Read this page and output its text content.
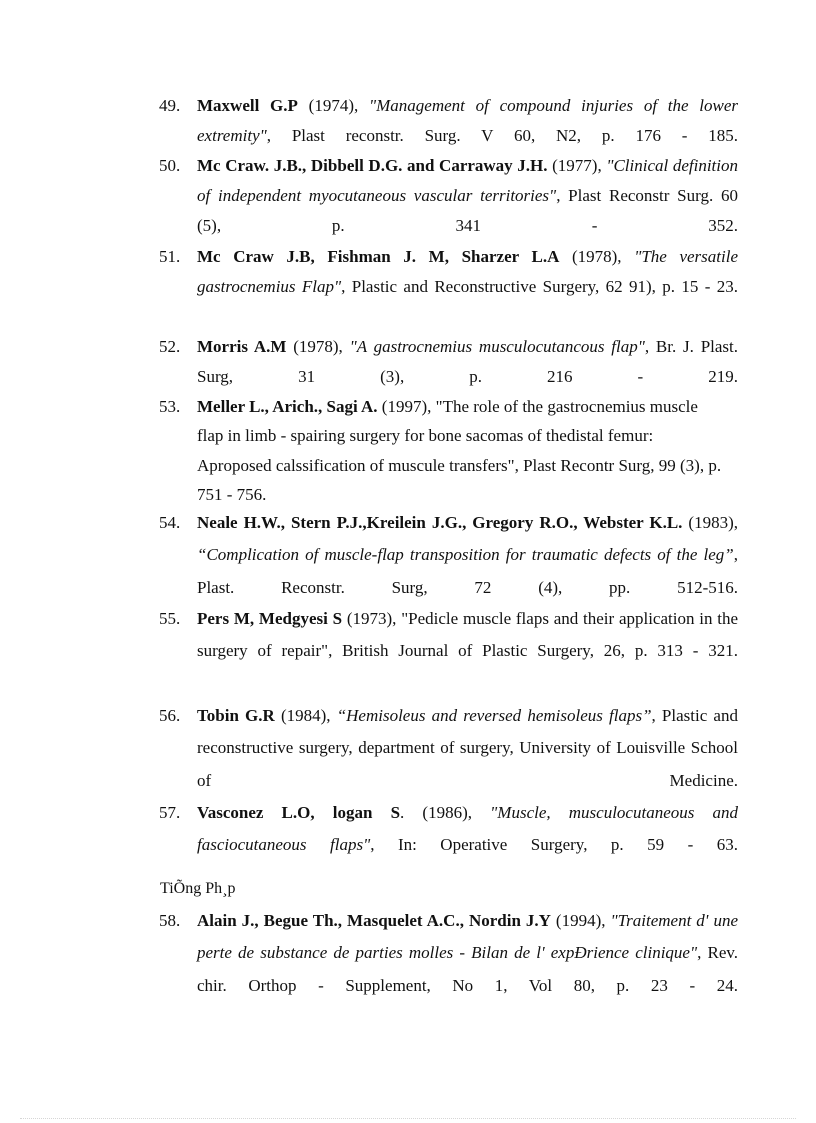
49. Maxwell G.P (1974), "Management of compound injuries of the lower extremity", Plast reconstr. Surg. V 60, N2, p. 176 - 185.
50. Mc Craw. J.B., Dibbell D.G. and Carraway J.H. (1977), "Clinical definition of independent myocutaneous vascular territories", Plast Reconstr Surg. 60 (5), p. 341 - 352.
51. Mc Craw J.B, Fishman J. M, Sharzer L.A (1978), "The versatile gastrocnemius Flap", Plastic and Reconstructive Surgery, 62 91), p. 15 - 23.
52. Morris A.M (1978), "A gastrocnemius musculocutancous flap", Br. J. Plast. Surg, 31 (3), p. 216 - 219.
53. Meller L., Arich., Sagi A. (1997), "The role of the gastrocnemius muscle flap in limb - spairing surgery for bone sacomas of thedistal femur: Aproposed calssification of muscule transfers", Plast Recontr Surg, 99 (3), p. 751 - 756.
54. Neale H.W., Stern P.J.,Kreilein J.G., Gregory R.O., Webster K.L. (1983), “Complication of muscle-flap transposition for traumatic defects of the leg”, Plast. Reconstr. Surg, 72 (4), pp. 512-516.
55. Pers M, Medgyesi S (1973), "Pedicle muscle flaps and their application in the surgery of repair", British Journal of Plastic Surgery, 26, p. 313 - 321.
56. Tobin G.R (1984), “Hemisoleus and reversed hemisoleus flaps”, Plastic and reconstructive surgery, department of surgery, University of Louisville School of Medicine.
57. Vasconez L.O, logan S. (1986), "Muscle, musculocutaneous and fasciocutaneous flaps", In: Operative Surgery, p. 59 - 63.
TiÕng Ph¸p
58. Alain J., Begue Th., Masquelet A.C., Nordin J.Y (1994), "Traitement d' une perte de substance de parties molles - Bilan de l' expÐrience clinique", Rev. chir. Orthop - Supplement, No 1, Vol 80, p. 23 - 24.
